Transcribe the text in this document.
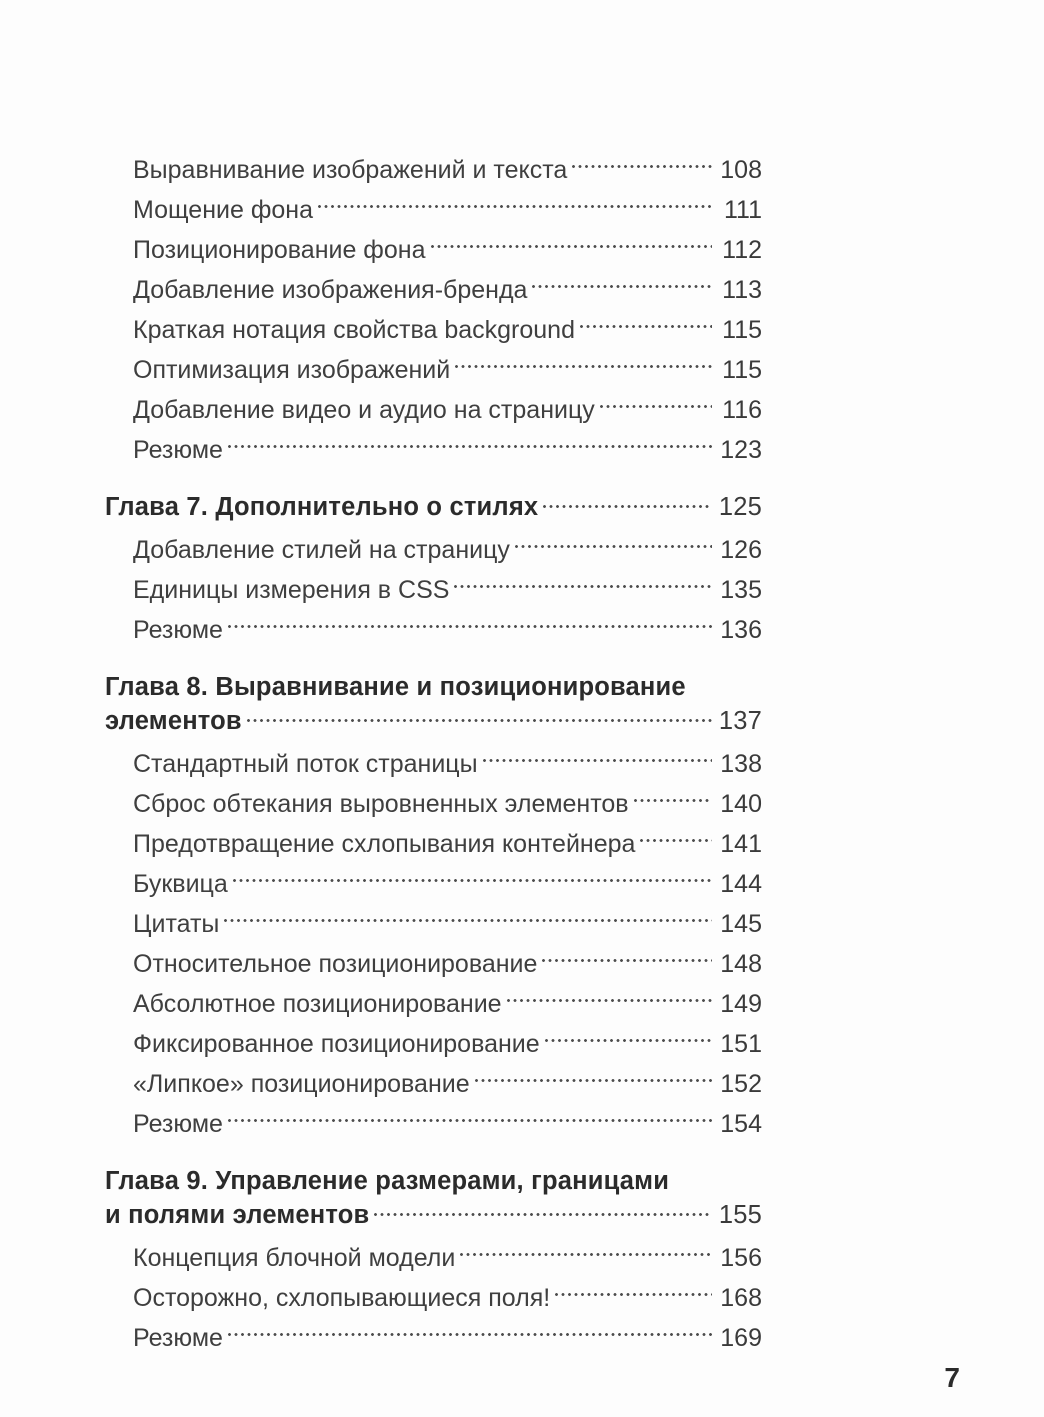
Выравнивание изображений и текста	108
Мощение фона	111
Позиционирование фона	112
Добавление изображения-бренда	113
Краткая нотация свойства background	115
Оптимизация изображений	115
Добавление видео и аудио на страницу	116
Резюме	123
Глава 7. Дополнительно о стилях	125
Добавление стилей на страницу	126
Единицы измерения в CSS	135
Резюме	136
Глава 8. Выравнивание и позиционирование
элементов	137
Стандартный поток страницы	138
Сброс обтекания выровненных элементов	140
Предотвращение схлопывания контейнера	141
Буквица	144
Цитаты	145
Относительное позиционирование	148
Абсолютное позиционирование	149
Фиксированное позиционирование	151
«Липкое» позиционирование	152
Резюме	154
Глава 9. Управление размерами, границами
и полями элементов	155
Концепция блочной модели	156
Осторожно, схлопывающиеся поля!	168
Резюме	169
7
